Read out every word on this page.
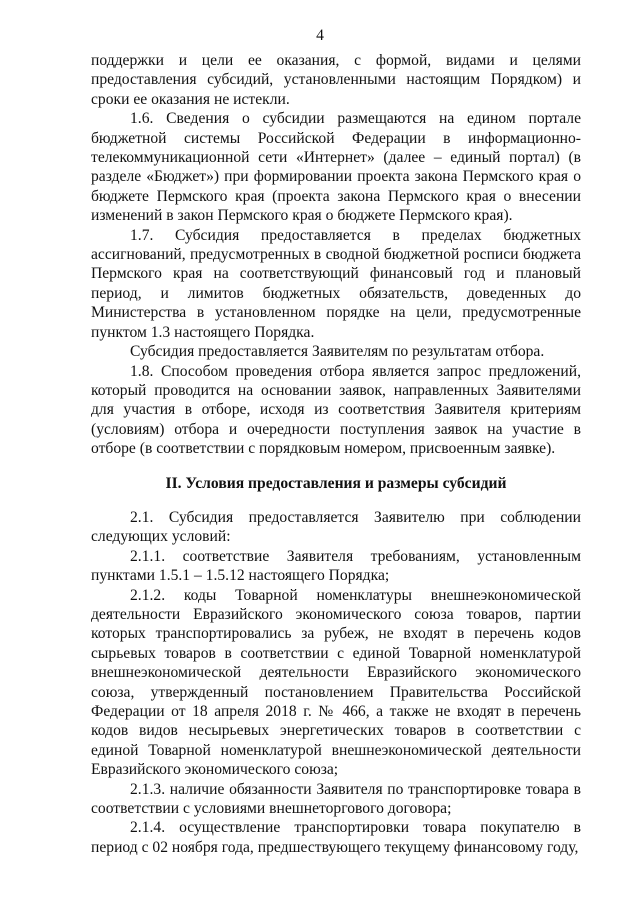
4

поддержки и цели ее оказания, с формой, видами и целями предоставления субсидий, установленными настоящим Порядком) и сроки ее оказания не истекли.

1.6. Сведения о субсидии размещаются на едином портале бюджетной системы Российской Федерации в информационно-телекоммуникационной сети «Интернет» (далее – единый портал) (в разделе «Бюджет») при формировании проекта закона Пермского края о бюджете Пермского края (проекта закона Пермского края о внесении изменений в закон Пермского края о бюджете Пермского края).

1.7. Субсидия предоставляется в пределах бюджетных ассигнований, предусмотренных в сводной бюджетной росписи бюджета Пермского края на соответствующий финансовый год и плановый период, и лимитов бюджетных обязательств, доведенных до Министерства в установленном порядке на цели, предусмотренные пунктом 1.3 настоящего Порядка.

Субсидия предоставляется Заявителям по результатам отбора.

1.8. Способом проведения отбора является запрос предложений, который проводится на основании заявок, направленных Заявителями для участия в отборе, исходя из соответствия Заявителя критериям (условиям) отбора и очередности поступления заявок на участие в отборе (в соответствии с порядковым номером, присвоенным заявке).

II. Условия предоставления и размеры субсидий

2.1. Субсидия предоставляется Заявителю при соблюдении следующих условий:

2.1.1. соответствие Заявителя требованиям, установленным пунктами 1.5.1 – 1.5.12 настоящего Порядка;

2.1.2. коды Товарной номенклатуры внешнеэкономической деятельности Евразийского экономического союза товаров, партии которых транспортировались за рубеж, не входят в перечень кодов сырьевых товаров в соответствии с единой Товарной номенклатурой внешнеэкономической деятельности Евразийского экономического союза, утвержденный постановлением Правительства Российской Федерации от 18 апреля 2018 г. № 466, а также не входят в перечень кодов видов несырьевых энергетических товаров в соответствии с единой Товарной номенклатурой внешнеэкономической деятельности Евразийского экономического союза;

2.1.3. наличие обязанности Заявителя по транспортировке товара в соответствии с условиями внешнеторгового договора;

2.1.4. осуществление транспортировки товара покупателю в период с 02 ноября года, предшествующего текущему финансовому году,
